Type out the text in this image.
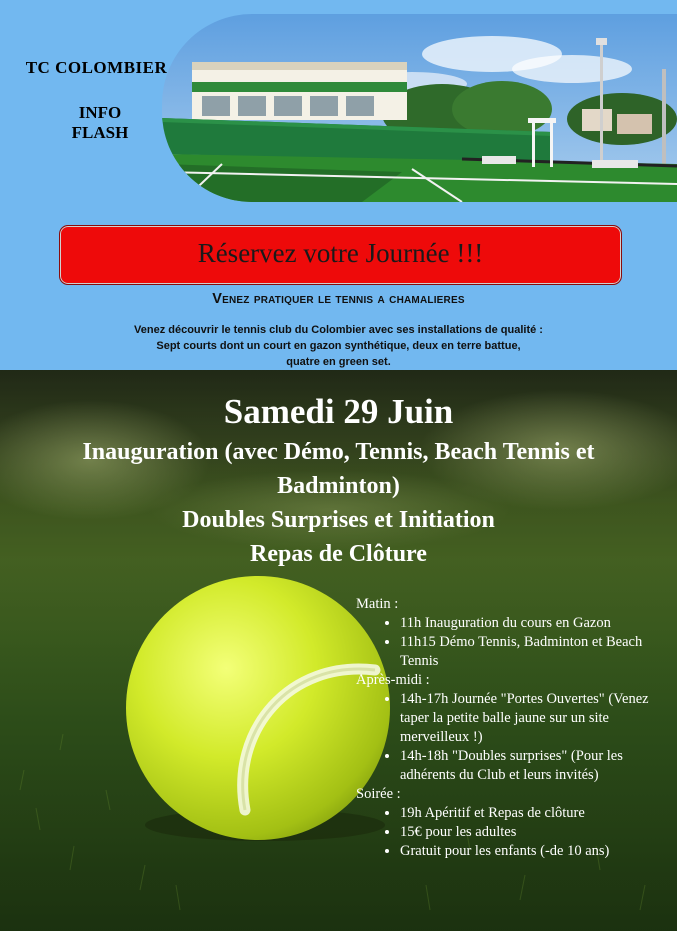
TC COLOMBIER
INFO
FLASH
Réservez votre Journée !!!
Venez pratiquer le tennis a chamalieres
Venez découvrir le tennis club du Colombier avec ses installations de qualité :
Sept courts dont un court en gazon synthétique, deux en terre battue,
quatre en green set.
Samedi 29 Juin
Inauguration (avec Démo, Tennis, Beach Tennis et
Badminton)
Doubles Surprises et Initiation
Repas de Clôture

Matin :

• 11h Inauguration du cours en Gazon
• 11h15 Démo Tennis, Badminton et Beach Tennis

Après-midi :

• 14h-17h Journée "Portes Ouvertes" (Venez taper la petite balle jaune sur un site merveilleux !)
• 14h-18h "Doubles surprises" (Pour les adhérents du Club et leurs invités)

Soirée :

• 19h Apéritif et Repas de clôture
• 15€ pour les adultes
• Gratuit pour les enfants (-de 10 ans)
